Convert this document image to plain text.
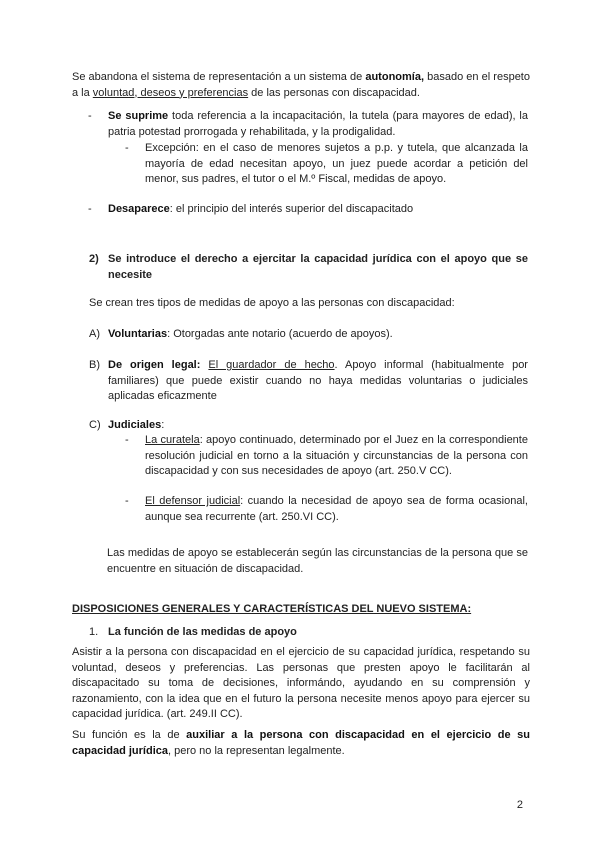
Se abandona el sistema de representación a un sistema de autonomía, basado en el respeto a la voluntad, deseos y preferencias de las personas con discapacidad.
- Se suprime toda referencia a la incapacitación, la tutela (para mayores de edad), la patria potestad prorrogada y rehabilitada, y la prodigalidad.
- Excepción: en el caso de menores sujetos a p.p. y tutela, que alcanzada la mayoría de edad necesitan apoyo, un juez puede acordar a petición del menor, sus padres, el tutor o el M.º Fiscal, medidas de apoyo.
- Desaparece: el principio del interés superior del discapacitado
2) Se introduce el derecho a ejercitar la capacidad jurídica con el apoyo que se necesite
Se crean tres tipos de medidas de apoyo a las personas con discapacidad:
A) Voluntarias: Otorgadas ante notario (acuerdo de apoyos).
B) De origen legal: El guardador de hecho. Apoyo informal (habitualmente por familiares) que puede existir cuando no haya medidas voluntarias o judiciales aplicadas eficazmente
C) Judiciales:
- La curatela: apoyo continuado, determinado por el Juez en la correspondiente resolución judicial en torno a la situación y circunstancias de la persona con discapacidad y con sus necesidades de apoyo (art. 250.V CC).
- El defensor judicial: cuando la necesidad de apoyo sea de forma ocasional, aunque sea recurrente (art. 250.VI CC).
Las medidas de apoyo se establecerán según las circunstancias de la persona que se encuentre en situación de discapacidad.
DISPOSICIONES GENERALES Y CARACTERÍSTICAS DEL NUEVO SISTEMA:
1. La función de las medidas de apoyo
Asistir a la persona con discapacidad en el ejercicio de su capacidad jurídica, respetando su voluntad, deseos y preferencias. Las personas que presten apoyo le facilitarán al discapacitado su toma de decisiones, informándo, ayudando en su comprensión y razonamiento, con la idea que en el futuro la persona necesite menos apoyo para ejercer su capacidad jurídica. (art. 249.II CC).
Su función es la de auxiliar a la persona con discapacidad en el ejercicio de su capacidad jurídica, pero no la representan legalmente.
2
